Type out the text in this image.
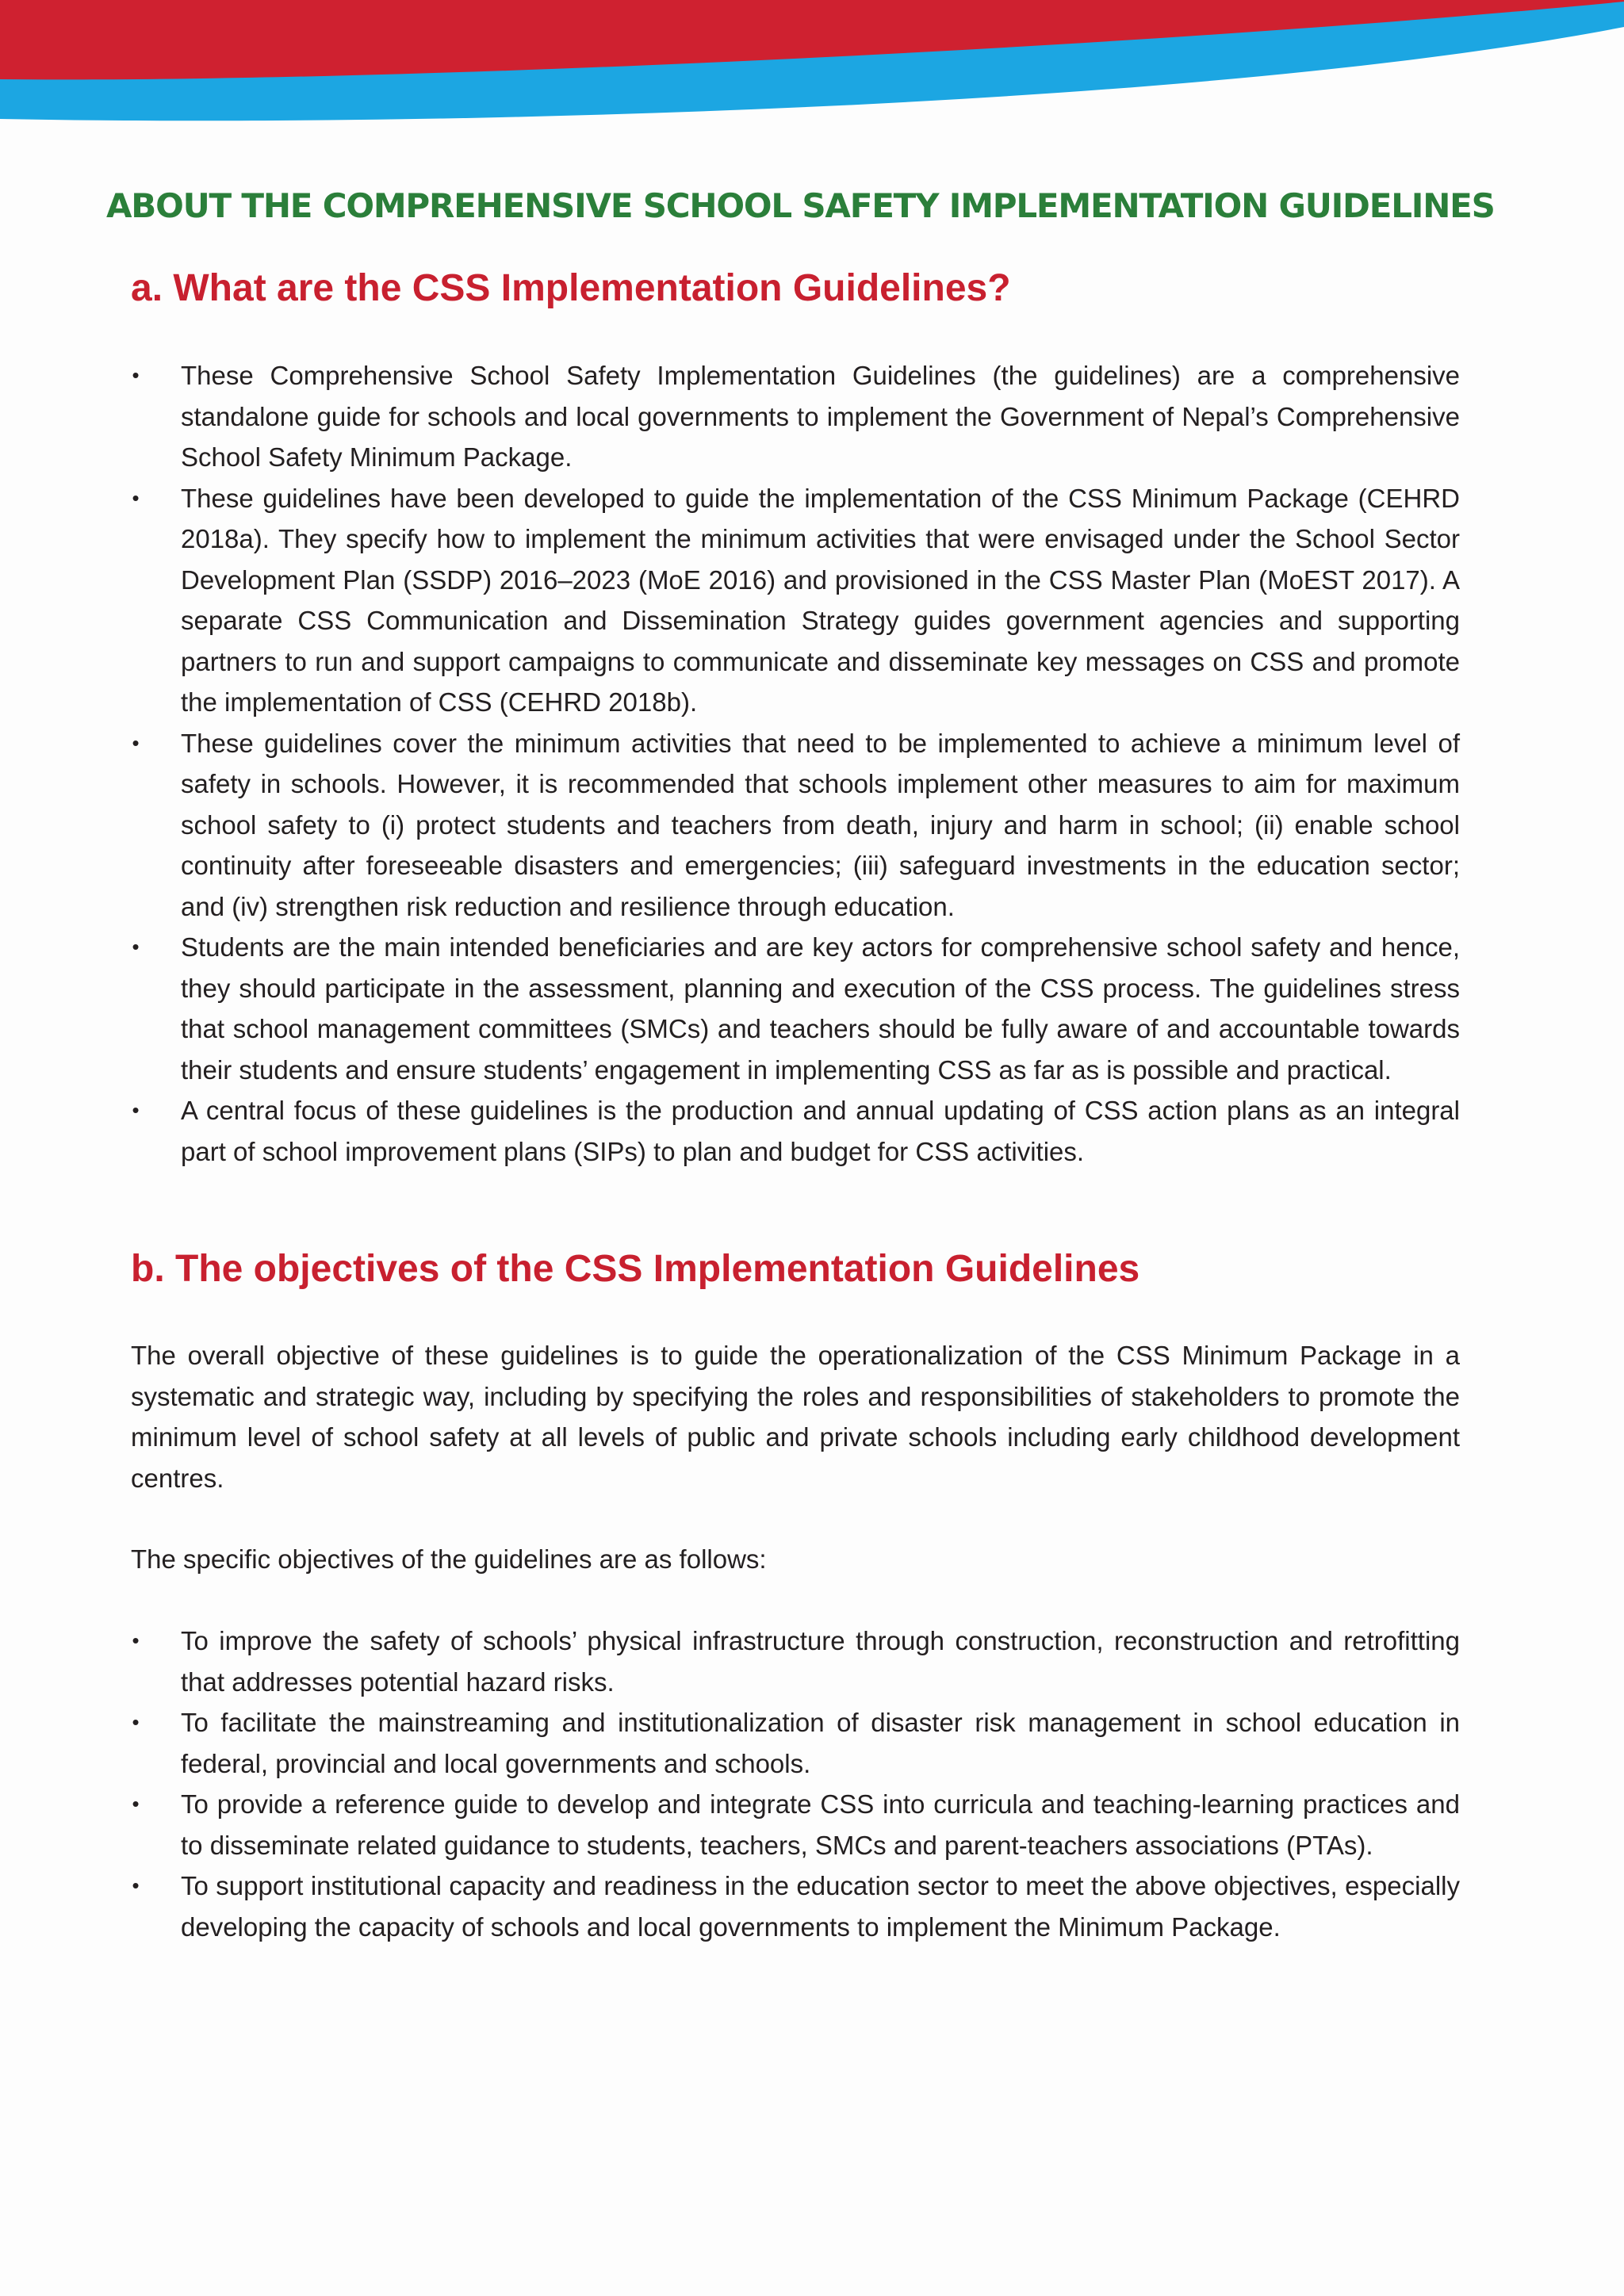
ABOUT THE COMPREHENSIVE SCHOOL SAFETY IMPLEMENTATION GUIDELINES
a. What are the CSS Implementation Guidelines?
• These Comprehensive School Safety Implementation Guidelines (the guidelines) are a comprehensive standalone guide for schools and local governments to implement the Government of Nepal’s Comprehensive School Safety Minimum Package.
• These guidelines have been developed to guide the implementation of the CSS Minimum Package (CEHRD 2018a). They specify how to implement the minimum activities that were envisaged under the School Sector Development Plan (SSDP) 2016–2023 (MoE 2016) and provisioned in the CSS Master Plan (MoEST 2017). A separate CSS Communication and Dissemination Strategy guides government agencies and supporting partners to run and support campaigns to communicate and disseminate key messages on CSS and promote the implementation of CSS (CEHRD 2018b).
• These guidelines cover the minimum activities that need to be implemented to achieve a minimum level of safety in schools. However, it is recommended that schools implement other measures to aim for maximum school safety to (i) protect students and teachers from death, injury and harm in school; (ii) enable school continuity after foreseeable disasters and emergencies; (iii) safeguard investments in the education sector; and (iv) strengthen risk reduction and resilience through education.
• Students are the main intended beneficiaries and are key actors for comprehensive school safety and hence, they should participate in the assessment, planning and execution of the CSS process. The guidelines stress that school management committees (SMCs) and teachers should be fully aware of and accountable towards their students and ensure students’ engagement in implementing CSS as far as is possible and practical.
• A central focus of these guidelines is the production and annual updating of CSS action plans as an integral part of school improvement plans (SIPs) to plan and budget for CSS activities.
b. The objectives of the CSS Implementation Guidelines

The overall objective of these guidelines is to guide the operationalization of the CSS Minimum Package in a systematic and strategic way, including by specifying the roles and responsibilities of stakeholders to promote the minimum level of school safety at all levels of public and private schools including early childhood development centres.

The specific objectives of the guidelines are as follows:

• To improve the safety of schools’ physical infrastructure through construction, reconstruction and retrofitting that addresses potential hazard risks.
• To facilitate the mainstreaming and institutionalization of disaster risk management in school education in federal, provincial and local governments and schools.
• To provide a reference guide to develop and integrate CSS into curricula and teaching-learning practices and to disseminate related guidance to students, teachers, SMCs and parent-teachers associations (PTAs).
• To support institutional capacity and readiness in the education sector to meet the above objectives, especially developing the capacity of schools and local governments to implement the Minimum Package.
